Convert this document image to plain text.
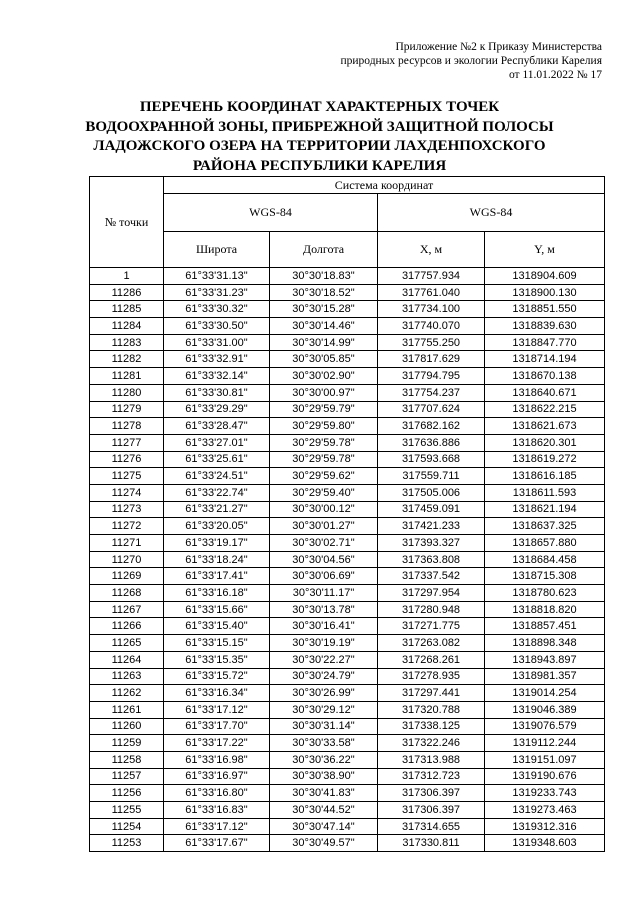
Приложение №2 к Приказу Министерства
природных ресурсов и экологии Республики Карелия
от 11.01.2022 № 17
ПЕРЕЧЕНЬ КООРДИНАТ ХАРАКТЕРНЫХ ТОЧЕК
ВОДООХРАННОЙ ЗОНЫ, ПРИБРЕЖНОЙ ЗАЩИТНОЙ ПОЛОСЫ
ЛАДОЖСКОГО ОЗЕРА НА ТЕРРИТОРИИ ЛАХДЕНПОХСКОГО
РАЙОНА РЕСПУБЛИКИ КАРЕЛИЯ
№ точки	Система координат			
	WGS-84		WGS-84	
	Широта	Долгота	X, м	Y, м
1	61°33'31.13"	30°30'18.83"	317757.934	1318904.609
11286	61°33'31.23"	30°30'18.52"	317761.040	1318900.130
11285	61°33'30.32"	30°30'15.28"	317734.100	1318851.550
11284	61°33'30.50"	30°30'14.46"	317740.070	1318839.630
11283	61°33'31.00"	30°30'14.99"	317755.250	1318847.770
11282	61°33'32.91"	30°30'05.85"	317817.629	1318714.194
11281	61°33'32.14"	30°30'02.90"	317794.795	1318670.138
11280	61°33'30.81"	30°30'00.97"	317754.237	1318640.671
11279	61°33'29.29"	30°29'59.79"	317707.624	1318622.215
11278	61°33'28.47"	30°29'59.80"	317682.162	1318621.673
11277	61°33'27.01"	30°29'59.78"	317636.886	1318620.301
11276	61°33'25.61"	30°29'59.78"	317593.668	1318619.272
11275	61°33'24.51"	30°29'59.62"	317559.711	1318616.185
11274	61°33'22.74"	30°29'59.40"	317505.006	1318611.593
11273	61°33'21.27"	30°30'00.12"	317459.091	1318621.194
11272	61°33'20.05"	30°30'01.27"	317421.233	1318637.325
11271	61°33'19.17"	30°30'02.71"	317393.327	1318657.880
11270	61°33'18.24"	30°30'04.56"	317363.808	1318684.458
11269	61°33'17.41"	30°30'06.69"	317337.542	1318715.308
11268	61°33'16.18"	30°30'11.17"	317297.954	1318780.623
11267	61°33'15.66"	30°30'13.78"	317280.948	1318818.820
11266	61°33'15.40"	30°30'16.41"	317271.775	1318857.451
11265	61°33'15.15"	30°30'19.19"	317263.082	1318898.348
11264	61°33'15.35"	30°30'22.27"	317268.261	1318943.897
11263	61°33'15.72"	30°30'24.79"	317278.935	1318981.357
11262	61°33'16.34"	30°30'26.99"	317297.441	1319014.254
11261	61°33'17.12"	30°30'29.12"	317320.788	1319046.389
11260	61°33'17.70"	30°30'31.14"	317338.125	1319076.579
11259	61°33'17.22"	30°30'33.58"	317322.246	1319112.244
11258	61°33'16.98"	30°30'36.22"	317313.988	1319151.097
11257	61°33'16.97"	30°30'38.90"	317312.723	1319190.676
11256	61°33'16.80"	30°30'41.83"	317306.397	1319233.743
11255	61°33'16.83"	30°30'44.52"	317306.397	1319273.463
11254	61°33'17.12"	30°30'47.14"	317314.655	1319312.316
11253	61°33'17.67"	30°30'49.57"	317330.811	1319348.603
